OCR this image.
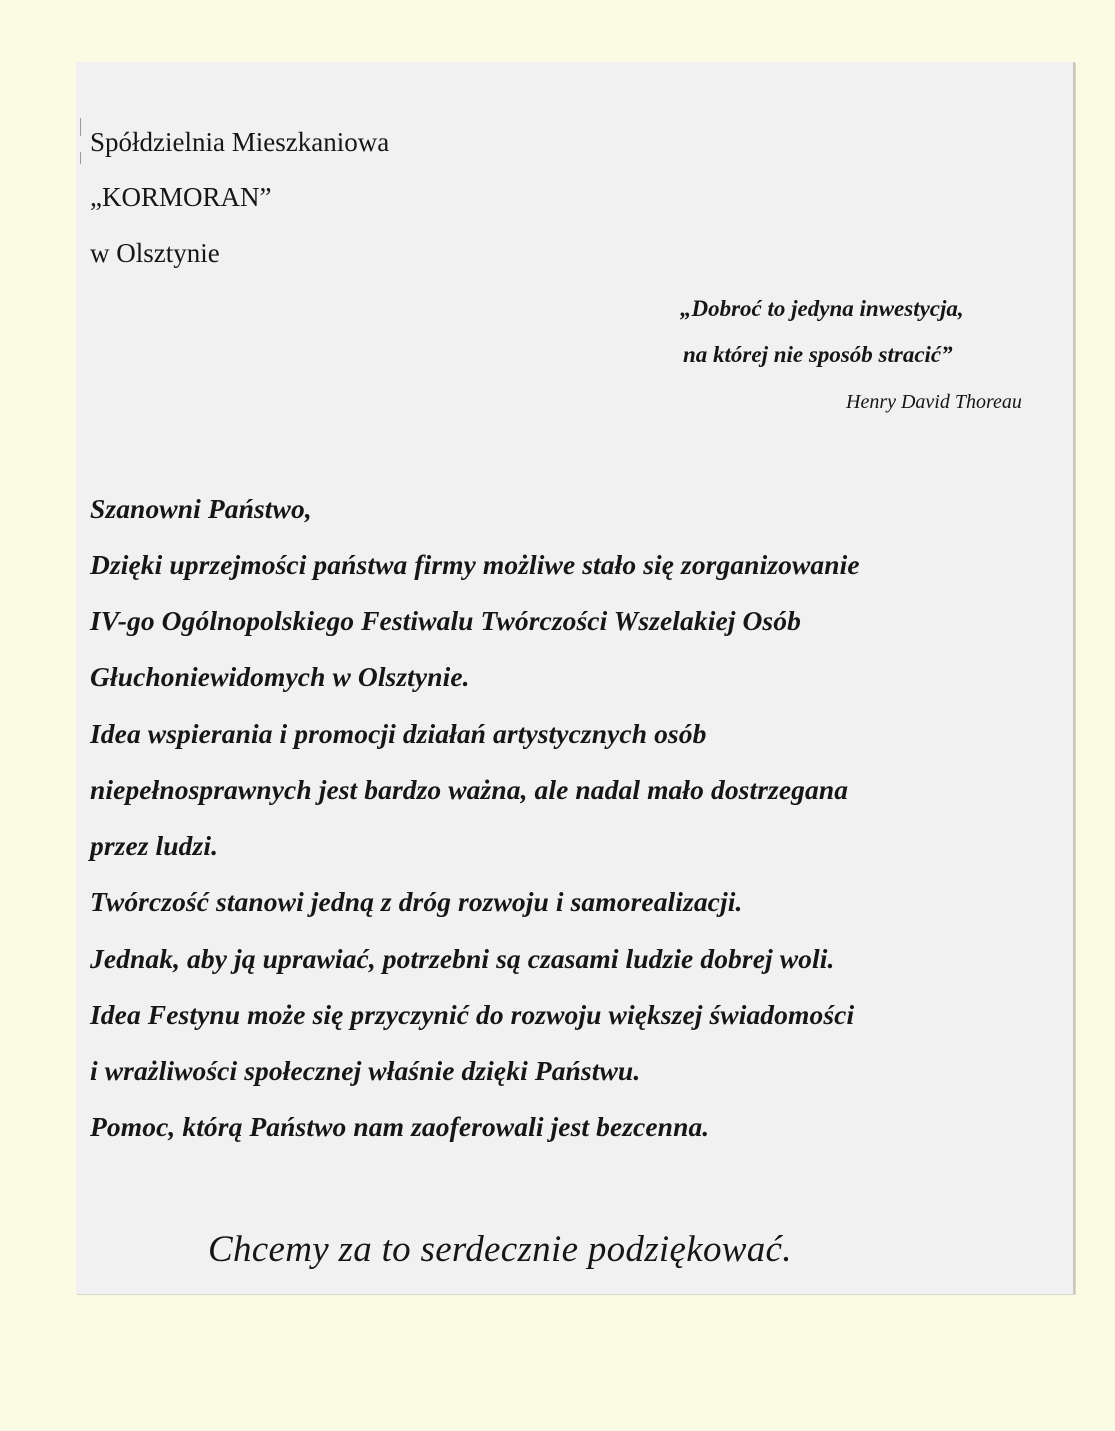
Spółdzielnia Mieszkaniowa
„KORMORAN”
w Olsztynie
„Dobroć to jedyna inwestycja,
na której nie sposób stracić”
Henry David Thoreau
Szanowni Państwo,
Dzięki uprzejmości państwa firmy możliwe stało się zorganizowanie
IV-go Ogólnopolskiego Festiwalu Twórczości Wszelakiej Osób
Głuchoniewidomych w Olsztynie.
Idea wspierania i promocji działań artystycznych osób
niepełnosprawnych jest bardzo ważna, ale nadal mało dostrzegana
przez ludzi.
Twórczość stanowi jedną z dróg rozwoju i samorealizacji.
Jednak, aby ją uprawiać, potrzebni są czasami ludzie dobrej woli.
Idea Festynu może się przyczynić do rozwoju większej świadomości
i wrażliwości społecznej właśnie dzięki Państwu.
Pomoc, którą Państwo nam zaoferowali jest bezcenna.
Chcemy za to serdecznie podziękować.
